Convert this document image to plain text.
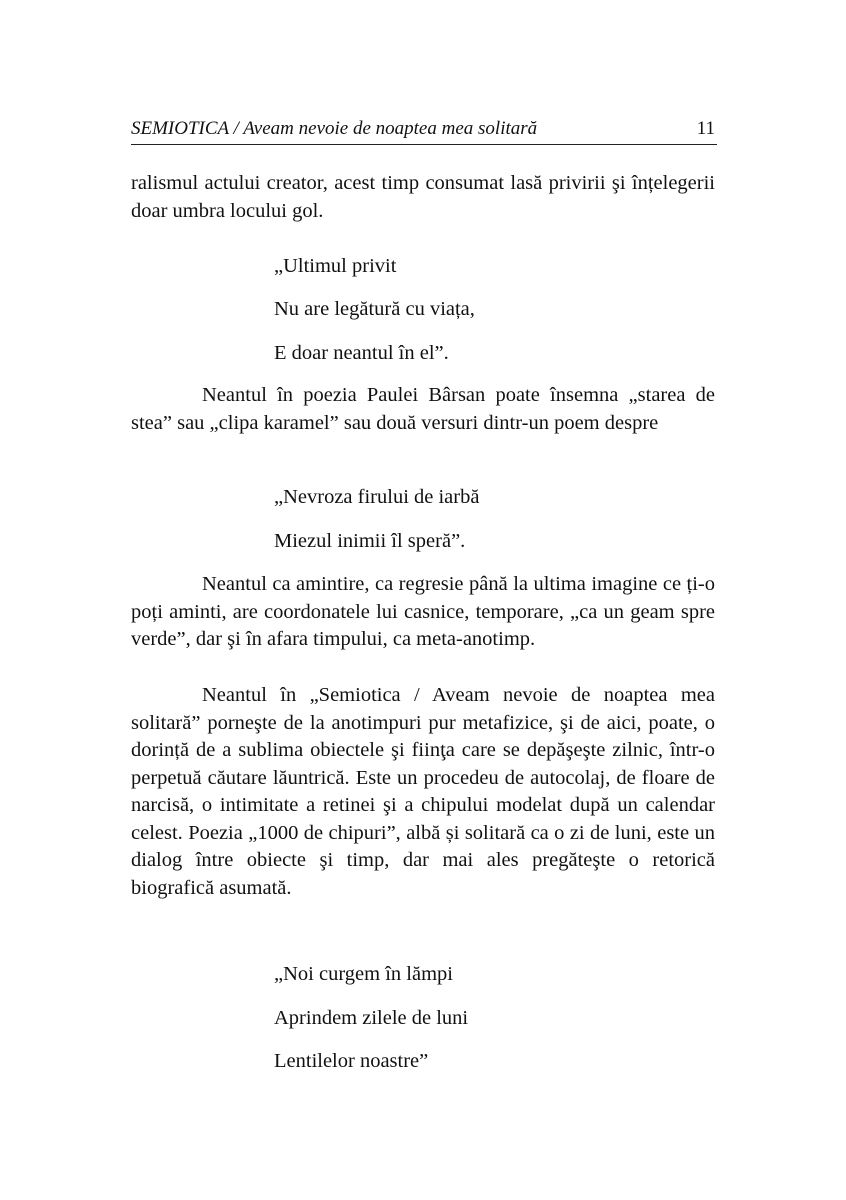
SEMIOTICA / Aveam nevoie de noaptea mea solitară	11

ralismul actului creator, acest timp consumat lasă privirii şi înțelegerii doar umbra locului gol.

„Ultimul privit

Nu are legătură cu viața,

E doar neantul în el”.

Neantul în poezia Paulei Bârsan poate însemna „starea de stea” sau „clipa karamel” sau două versuri dintr-un poem despre

„Nevroza firului de iarbă

Miezul inimii îl speră”.

Neantul ca amintire, ca regresie până la ultima imagine ce ți-o poți aminti, are coordonatele lui casnice, temporare, „ca un geam spre verde”, dar şi în afara timpului, ca meta-anotimp.

Neantul în „Semiotica / Aveam nevoie de noaptea mea solitară” porneşte de la anotimpuri pur metafizice, şi de aici, poate, o dorință de a sublima obiectele şi fiinţa care se depăşeşte zilnic, într-o perpetuă căutare lăuntrică. Este un procedeu de autocolaj, de floare de narcisă, o intimitate a retinei şi a chipului modelat după un calendar celest. Poezia „1000 de chipuri”, albă și solitară ca o zi de luni, este un dialog între obiecte şi timp, dar mai ales pregăteşte o retorică biografică asumată.

„Noi curgem în lămpi

Aprindem zilele de luni

Lentilelor noastre”
